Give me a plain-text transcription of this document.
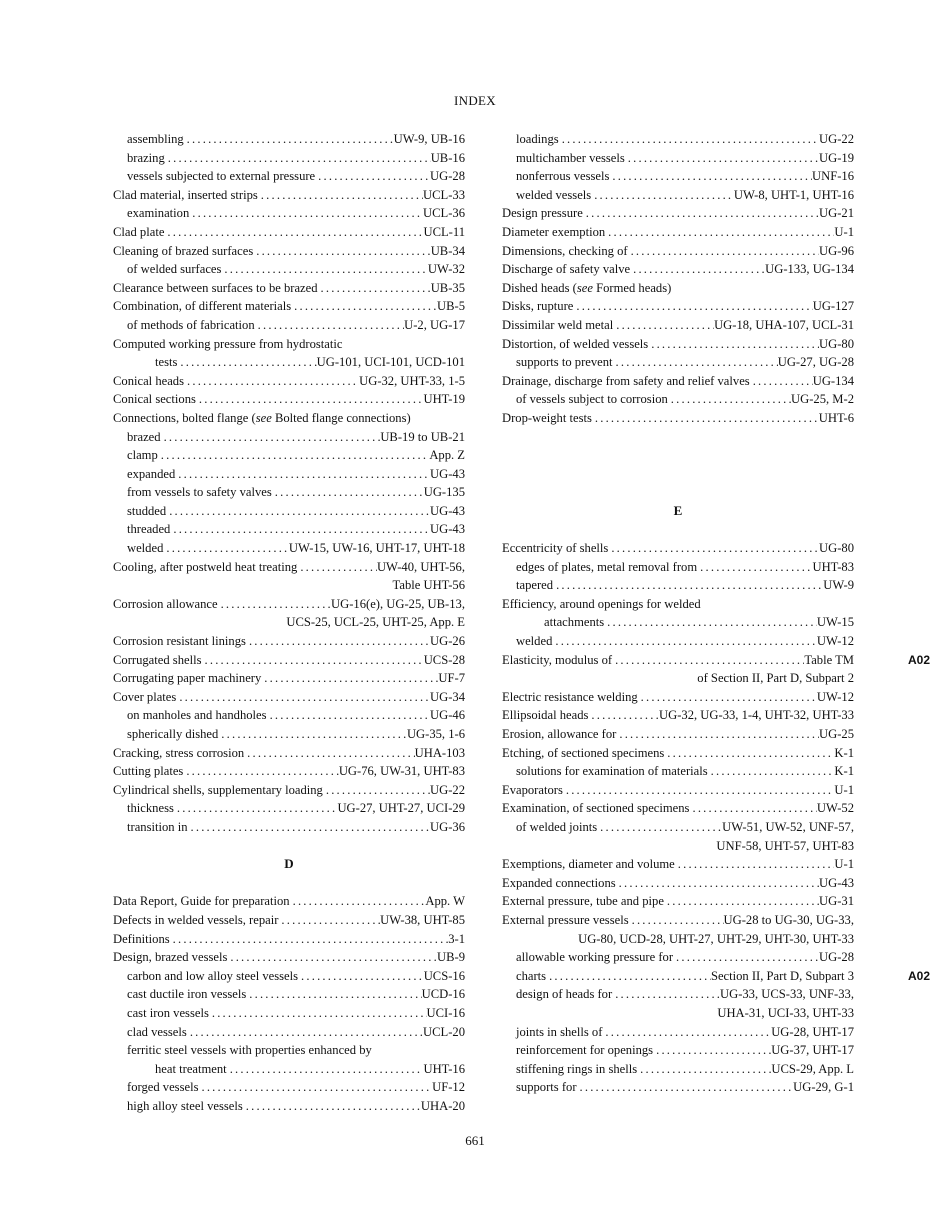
INDEX
assembling .....	UW-9, UB-16
brazing .....	UB-16
vessels subjected to external pressure .....	UG-28
Clad material, inserted strips .....	UCL-33
examination .....	UCL-36
Clad plate .....	UCL-11
Cleaning of brazed surfaces .....	UB-34
of welded surfaces .....	UW-32
Clearance between surfaces to be brazed .....	UB-35
Combination, of different materials .....	UB-5
of methods of fabrication .....	U-2, UG-17
Computed working pressure from hydrostatic
tests .....	UG-101, UCI-101, UCD-101
Conical heads .....	UG-32, UHT-33, 1-5
Conical sections .....	UHT-19
Connections, bolted flange (see Bolted flange connections)
brazed .....	UB-19 to UB-21
clamp .....	App. Z
expanded .....	UG-43
from vessels to safety valves .....	UG-135
studded .....	UG-43
threaded .....	UG-43
welded .....	UW-15, UW-16, UHT-17, UHT-18
Cooling, after postweld heat treating .....	UW-40, UHT-56,
Table UHT-56
Corrosion allowance .....	UG-16(e), UG-25, UB-13,
UCS-25, UCL-25, UHT-25, App. E
Corrosion resistant linings .....	UG-26
Corrugated shells .....	UCS-28
Corrugating paper machinery .....	UF-7
Cover plates .....	UG-34
on manholes and handholes .....	UG-46
spherically dished .....	UG-35, 1-6
Cracking, stress corrosion .....	UHA-103
Cutting plates .....	UG-76, UW-31, UHT-83
Cylindrical shells, supplementary loading .....	UG-22
thickness .....	UG-27, UHT-27, UCI-29
transition in .....	UG-36
D
Data Report, Guide for preparation .....	App. W
Defects in welded vessels, repair .....	UW-38, UHT-85
Definitions .....	3-1
Design, brazed vessels .....	UB-9
carbon and low alloy steel vessels .....	UCS-16
cast ductile iron vessels .....	UCD-16
cast iron vessels .....	UCI-16
clad vessels .....	UCL-20
ferritic steel vessels with properties enhanced by
heat treatment .....	UHT-16
forged vessels .....	UF-12
high alloy steel vessels .....	UHA-20
loadings .....	UG-22
multichamber vessels .....	UG-19
nonferrous vessels .....	UNF-16
welded vessels .....	UW-8, UHT-1, UHT-16
Design pressure .....	UG-21
Diameter exemption .....	U-1
Dimensions, checking of .....	UG-96
Discharge of safety valve .....	UG-133, UG-134
Dished heads (see Formed heads)
Disks, rupture .....	UG-127
Dissimilar weld metal .....	UG-18, UHA-107, UCL-31
Distortion, of welded vessels .....	UG-80
supports to prevent .....	UG-27, UG-28
Drainage, discharge from safety and relief valves .....	UG-134
of vessels subject to corrosion .....	UG-25, M-2
Drop-weight tests .....	UHT-6
E
Eccentricity of shells .....	UG-80
edges of plates, metal removal from .....	UHT-83
tapered .....	UW-9
Efficiency, around openings for welded
attachments .....	UW-15
welded .....	UW-12
Elasticity, modulus of .....	Table TM	A02
of Section II, Part D, Subpart 2
Electric resistance welding .....	UW-12
Ellipsoidal heads .....	UG-32, UG-33, 1-4, UHT-32, UHT-33
Erosion, allowance for .....	UG-25
Etching, of sectioned specimens .....	K-1
solutions for examination of materials .....	K-1
Evaporators .....	U-1
Examination, of sectioned specimens .....	UW-52
of welded joints .....	UW-51, UW-52, UNF-57,
UNF-58, UHT-57, UHT-83
Exemptions, diameter and volume .....	U-1
Expanded connections .....	UG-43
External pressure, tube and pipe .....	UG-31
External pressure vessels .....	UG-28 to UG-30, UG-33,
UG-80, UCD-28, UHT-27, UHT-29, UHT-30, UHT-33
allowable working pressure for .....	UG-28
charts .....	Section II, Part D, Subpart 3	A02
design of heads for .....	UG-33, UCS-33, UNF-33,
UHA-31, UCI-33, UHT-33
joints in shells of .....	UG-28, UHT-17
reinforcement for openings .....	UG-37, UHT-17
stiffening rings in shells .....	UCS-29, App. L
supports for .....	UG-29, G-1
661
